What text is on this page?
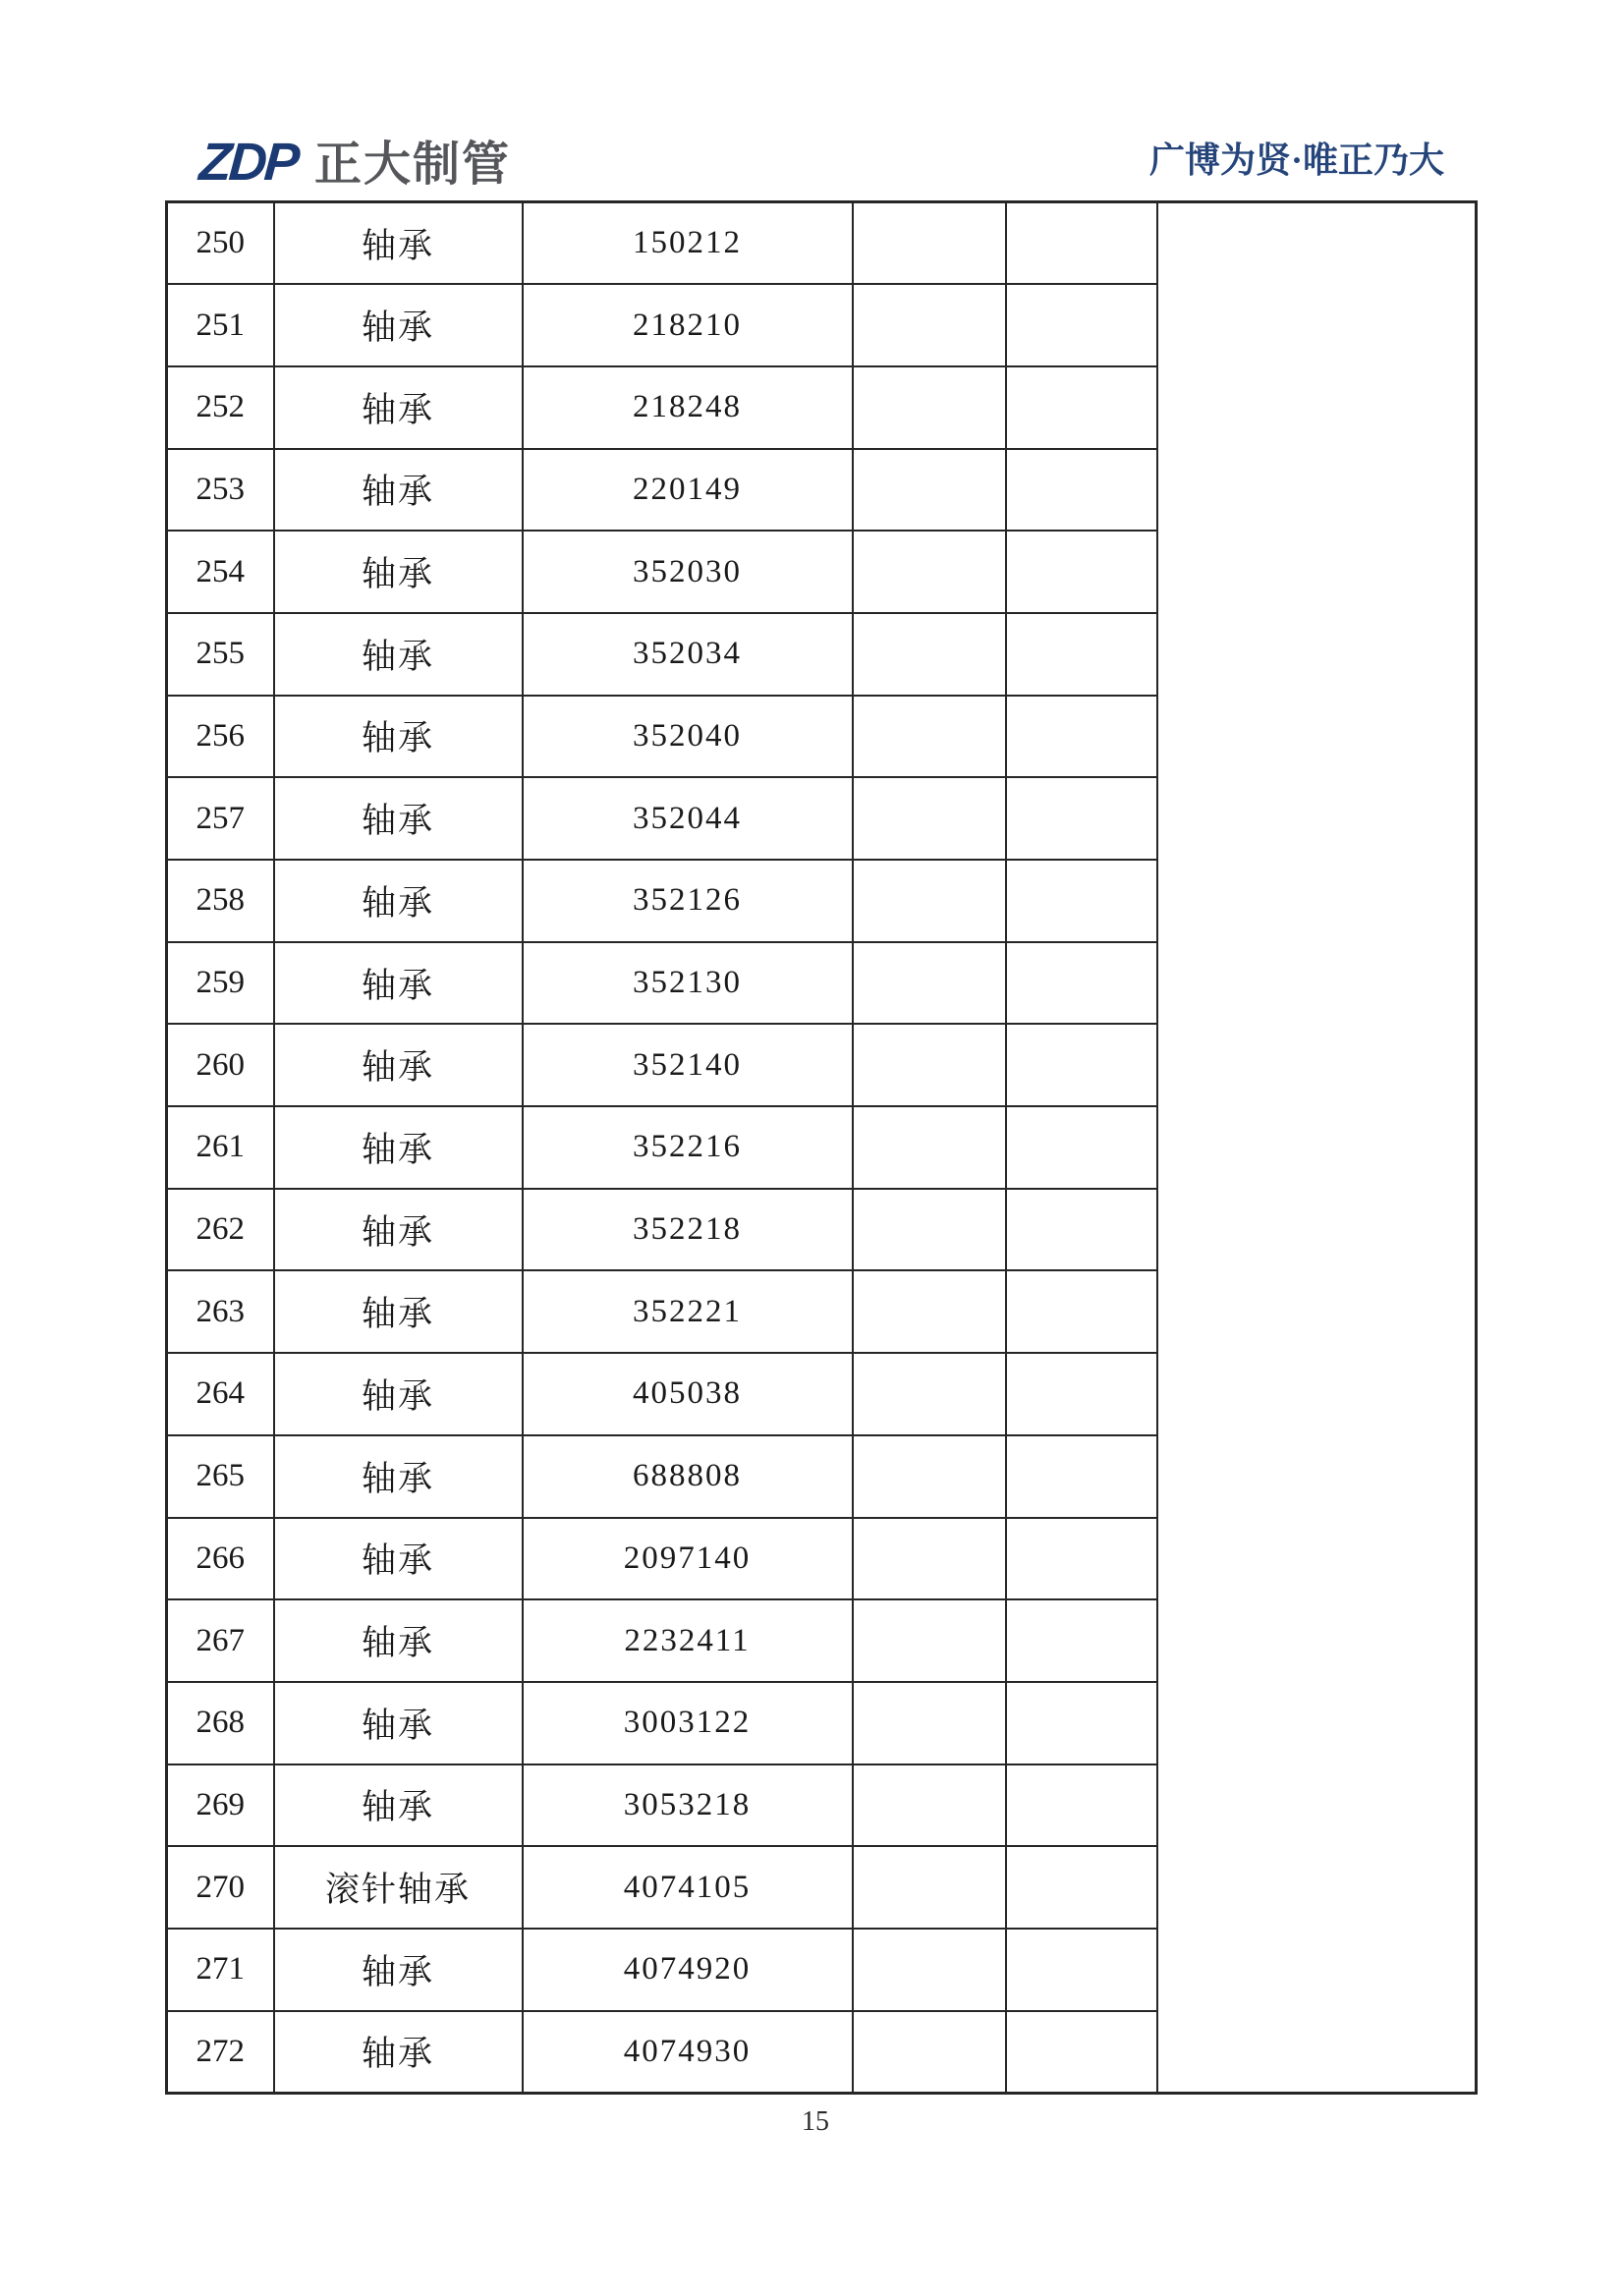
ZDP 正大制管	广博为贤·唯正乃大
250	轴承	150212			
251	轴承	218210			
252	轴承	218248			
253	轴承	220149			
254	轴承	352030			
255	轴承	352034			
256	轴承	352040			
257	轴承	352044			
258	轴承	352126			
259	轴承	352130			
260	轴承	352140			
261	轴承	352216			
262	轴承	352218			
263	轴承	352221			
264	轴承	405038			
265	轴承	688808			
266	轴承	2097140			
267	轴承	2232411			
268	轴承	3003122			
269	轴承	3053218			
270	滚针轴承	4074105			
271	轴承	4074920			
272	轴承	4074930			
15
